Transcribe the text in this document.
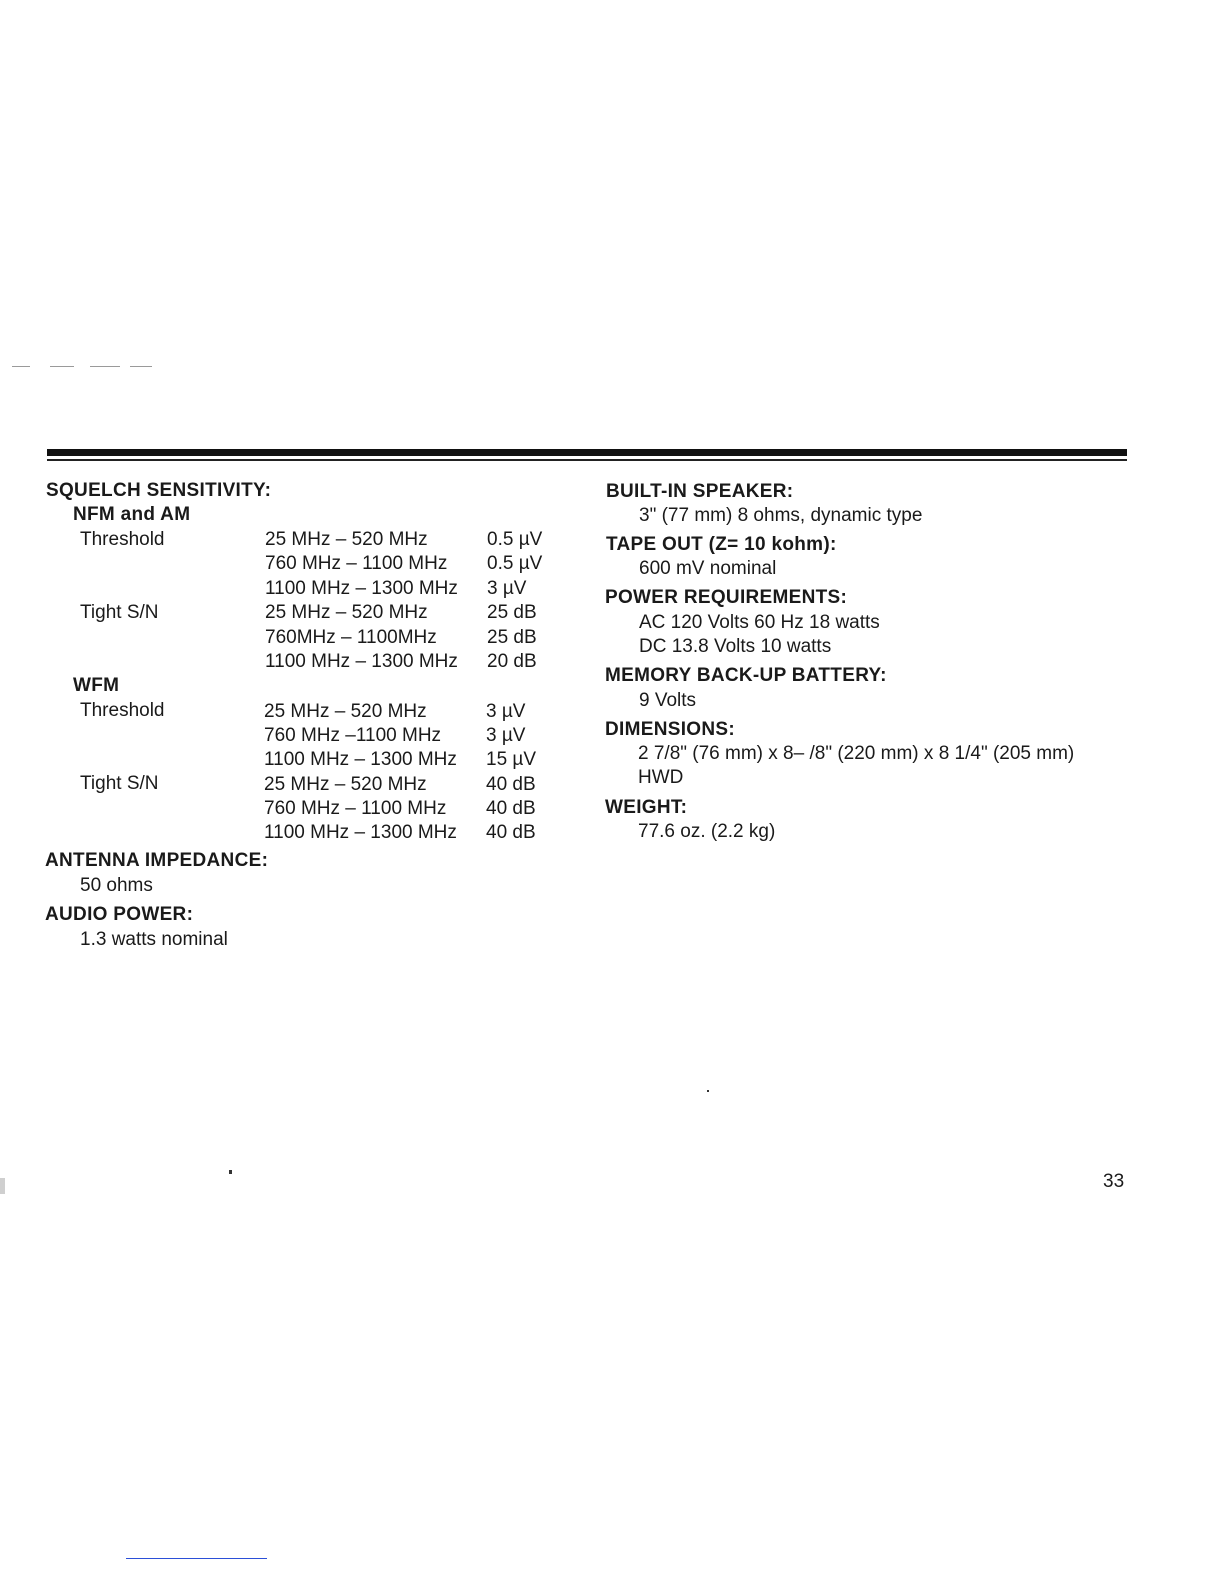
SQUELCH SENSITIVITY:
NFM and AM
Threshold	25 MHz – 520 MHz	0.5 µV
760 MHz – 1100 MHz	0.5 µV
1100 MHz – 1300 MHz	3 µV
Tight S/N	25 MHz – 520 MHz	25 dB
760MHz – 1100MHz	25 dB
1100 MHz – 1300 MHz	20 dB
WFM
Threshold	25 MHz – 520 MHz	3 µV
760 MHz –1100 MHz	3 µV
1100 MHz – 1300 MHz	15 µV
Tight S/N	25 MHz – 520 MHz	40 dB
760 MHz – 1100 MHz	40 dB
1100 MHz – 1300 MHz	40 dB
ANTENNA IMPEDANCE:
50 ohms
AUDIO POWER:
1.3 watts nominal
BUILT-IN SPEAKER:
3" (77 mm) 8 ohms, dynamic type
TAPE OUT (Z= 10 kohm):
600 mV nominal
POWER REQUIREMENTS:
AC 120 Volts 60 Hz 18 watts
DC 13.8 Volts 10 watts
MEMORY BACK-UP BATTERY:
9 Volts
DIMENSIONS:
2 7/8" (76 mm) x 8– /8" (220 mm) x 8 1/4" (205 mm)
HWD
WEIGHT:
77.6 oz. (2.2 kg)
33
